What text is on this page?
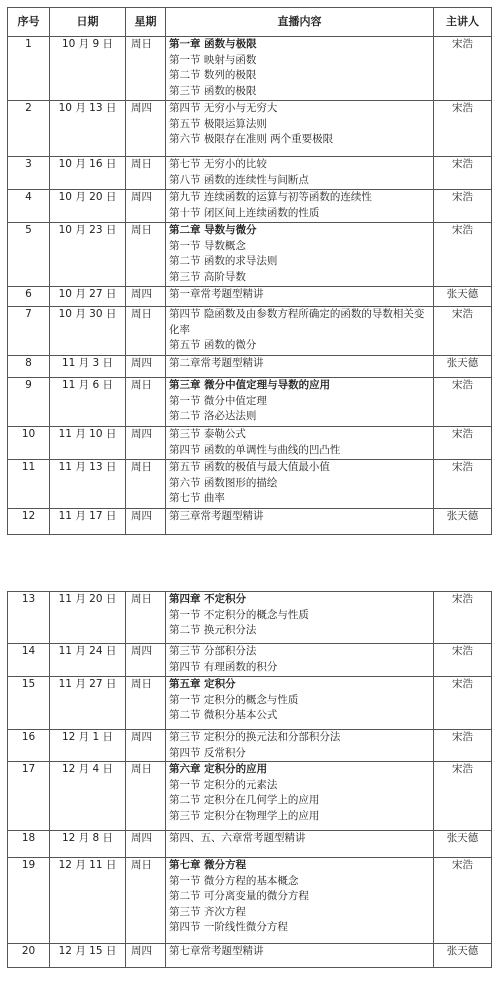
序号	日期	星期	直播内容	主讲人
1	10 月 9 日	周日	第一章 函数与极限
第一节 映射与函数
第二节 数列的极限
第三节 函数的极限	宋浩
2	10 月 13 日	周四	第四节 无穷小与无穷大
第五节 极限运算法则
第六节 极限存在准则 两个重要极限	宋浩
3	10 月 16 日	周日	第七节 无穷小的比较
第八节 函数的连续性与间断点	宋浩
4	10 月 20 日	周四	第九节 连续函数的运算与初等函数的连续性
第十节 闭区间上连续函数的性质	宋浩
5	10 月 23 日	周日	第二章 导数与微分
第一节 导数概念
第二节 函数的求导法则
第三节 高阶导数	宋浩
6	10 月 27 日	周四	第一章常考题型精讲	张天德
7	10 月 30 日	周日	第四节 隐函数及由参数方程所确定的函数的导数相关变化率
第五节 函数的微分	宋浩
8	11 月 3 日	周四	第二章常考题型精讲	张天德
9	11 月 6 日	周日	第三章 微分中值定理与导数的应用
第一节 微分中值定理
第二节 洛必达法则	宋浩
10	11 月 10 日	周四	第三节 泰勒公式
第四节 函数的单调性与曲线的凹凸性	宋浩
11	11 月 13 日	周日	第五节 函数的极值与最大值最小值
第六节 函数图形的描绘
第七节 曲率	宋浩
12	11 月 17 日	周四	第三章常考题型精讲	张天德
13	11 月 20 日	周日	第四章 不定积分
第一节 不定积分的概念与性质
第二节 换元积分法	宋浩
14	11 月 24 日	周四	第三节 分部积分法
第四节 有理函数的积分	宋浩
15	11 月 27 日	周日	第五章 定积分
第一节 定积分的概念与性质
第二节 微积分基本公式	宋浩
16	12 月 1 日	周四	第三节 定积分的换元法和分部积分法
第四节 反常积分	宋浩
17	12 月 4 日	周日	第六章 定积分的应用
第一节 定积分的元素法
第二节 定积分在几何学上的应用
第三节 定积分在物理学上的应用	宋浩
18	12 月 8 日	周四	第四、五、六章常考题型精讲	张天德
19	12 月 11 日	周日	第七章 微分方程
第一节 微分方程的基本概念
第二节 可分离变量的微分方程
第三节 齐次方程
第四节 一阶线性微分方程	宋浩
20	12 月 15 日	周四	第七章常考题型精讲	张天德
